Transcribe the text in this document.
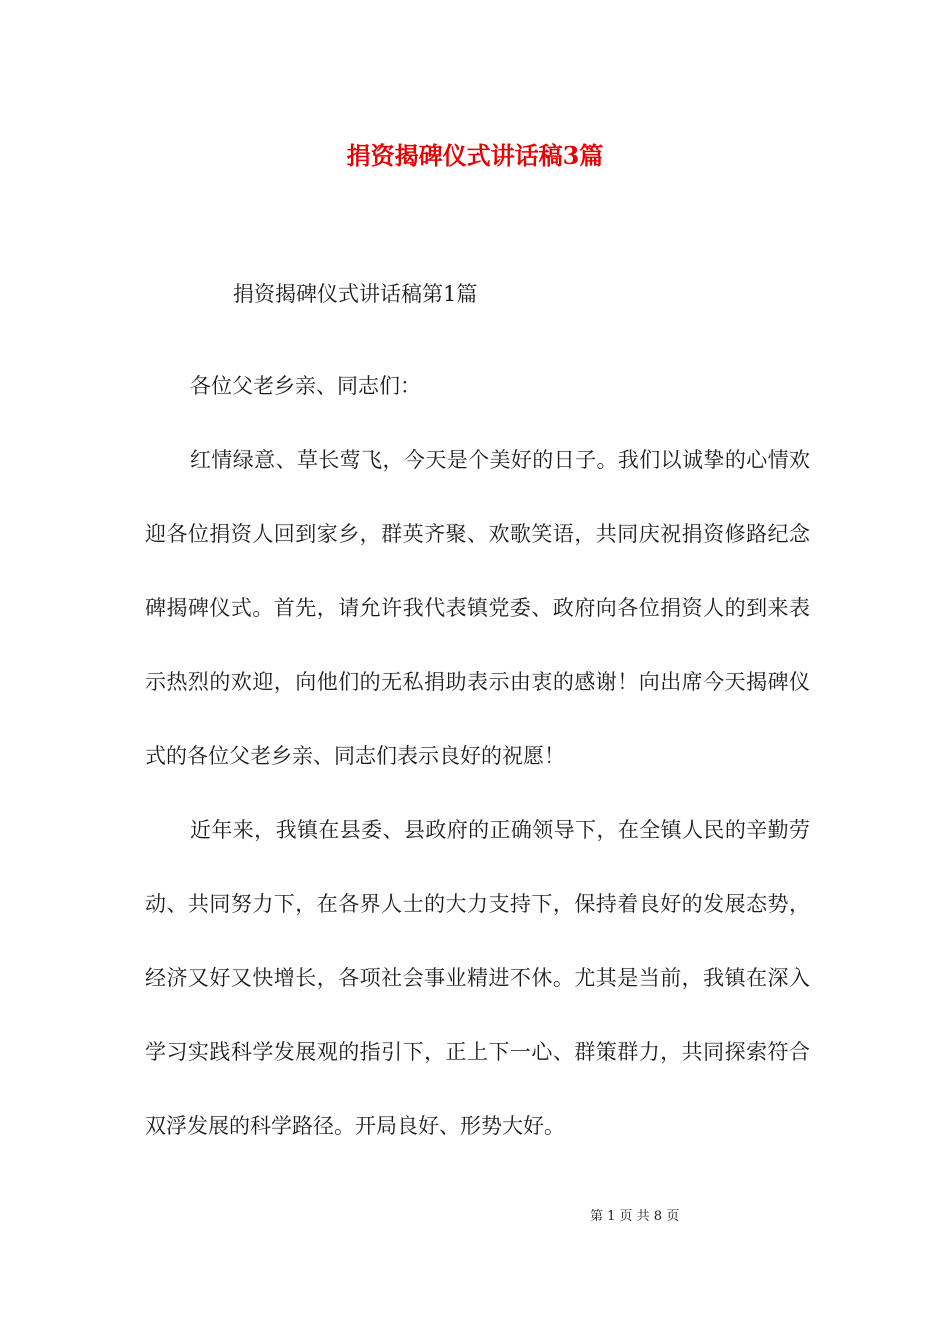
捐资揭碑仪式讲话稿3篇
捐资揭碑仪式讲话稿第1篇

各位父老乡亲、同志们：

红情绿意、草长莺飞，今天是个美好的日子。我们以诚挚的心情欢迎各位捐资人回到家乡，群英齐聚、欢歌笑语，共同庆祝捐资修路纪念碑揭碑仪式。首先，请允许我代表镇党委、政府向各位捐资人的到来表示热烈的欢迎，向他们的无私捐助表示由衷的感谢！向出席今天揭碑仪式的各位父老乡亲、同志们表示良好的祝愿！

近年来，我镇在县委、县政府的正确领导下，在全镇人民的辛勤劳动、共同努力下，在各界人士的大力支持下，保持着良好的发展态势，经济又好又快增长，各项社会事业精进不休。尤其是当前，我镇在深入学习实践科学发展观的指引下，正上下一心、群策群力，共同探索符合双浮发展的科学路径。开局良好、形势大好。

第 1 页 共 8 页
